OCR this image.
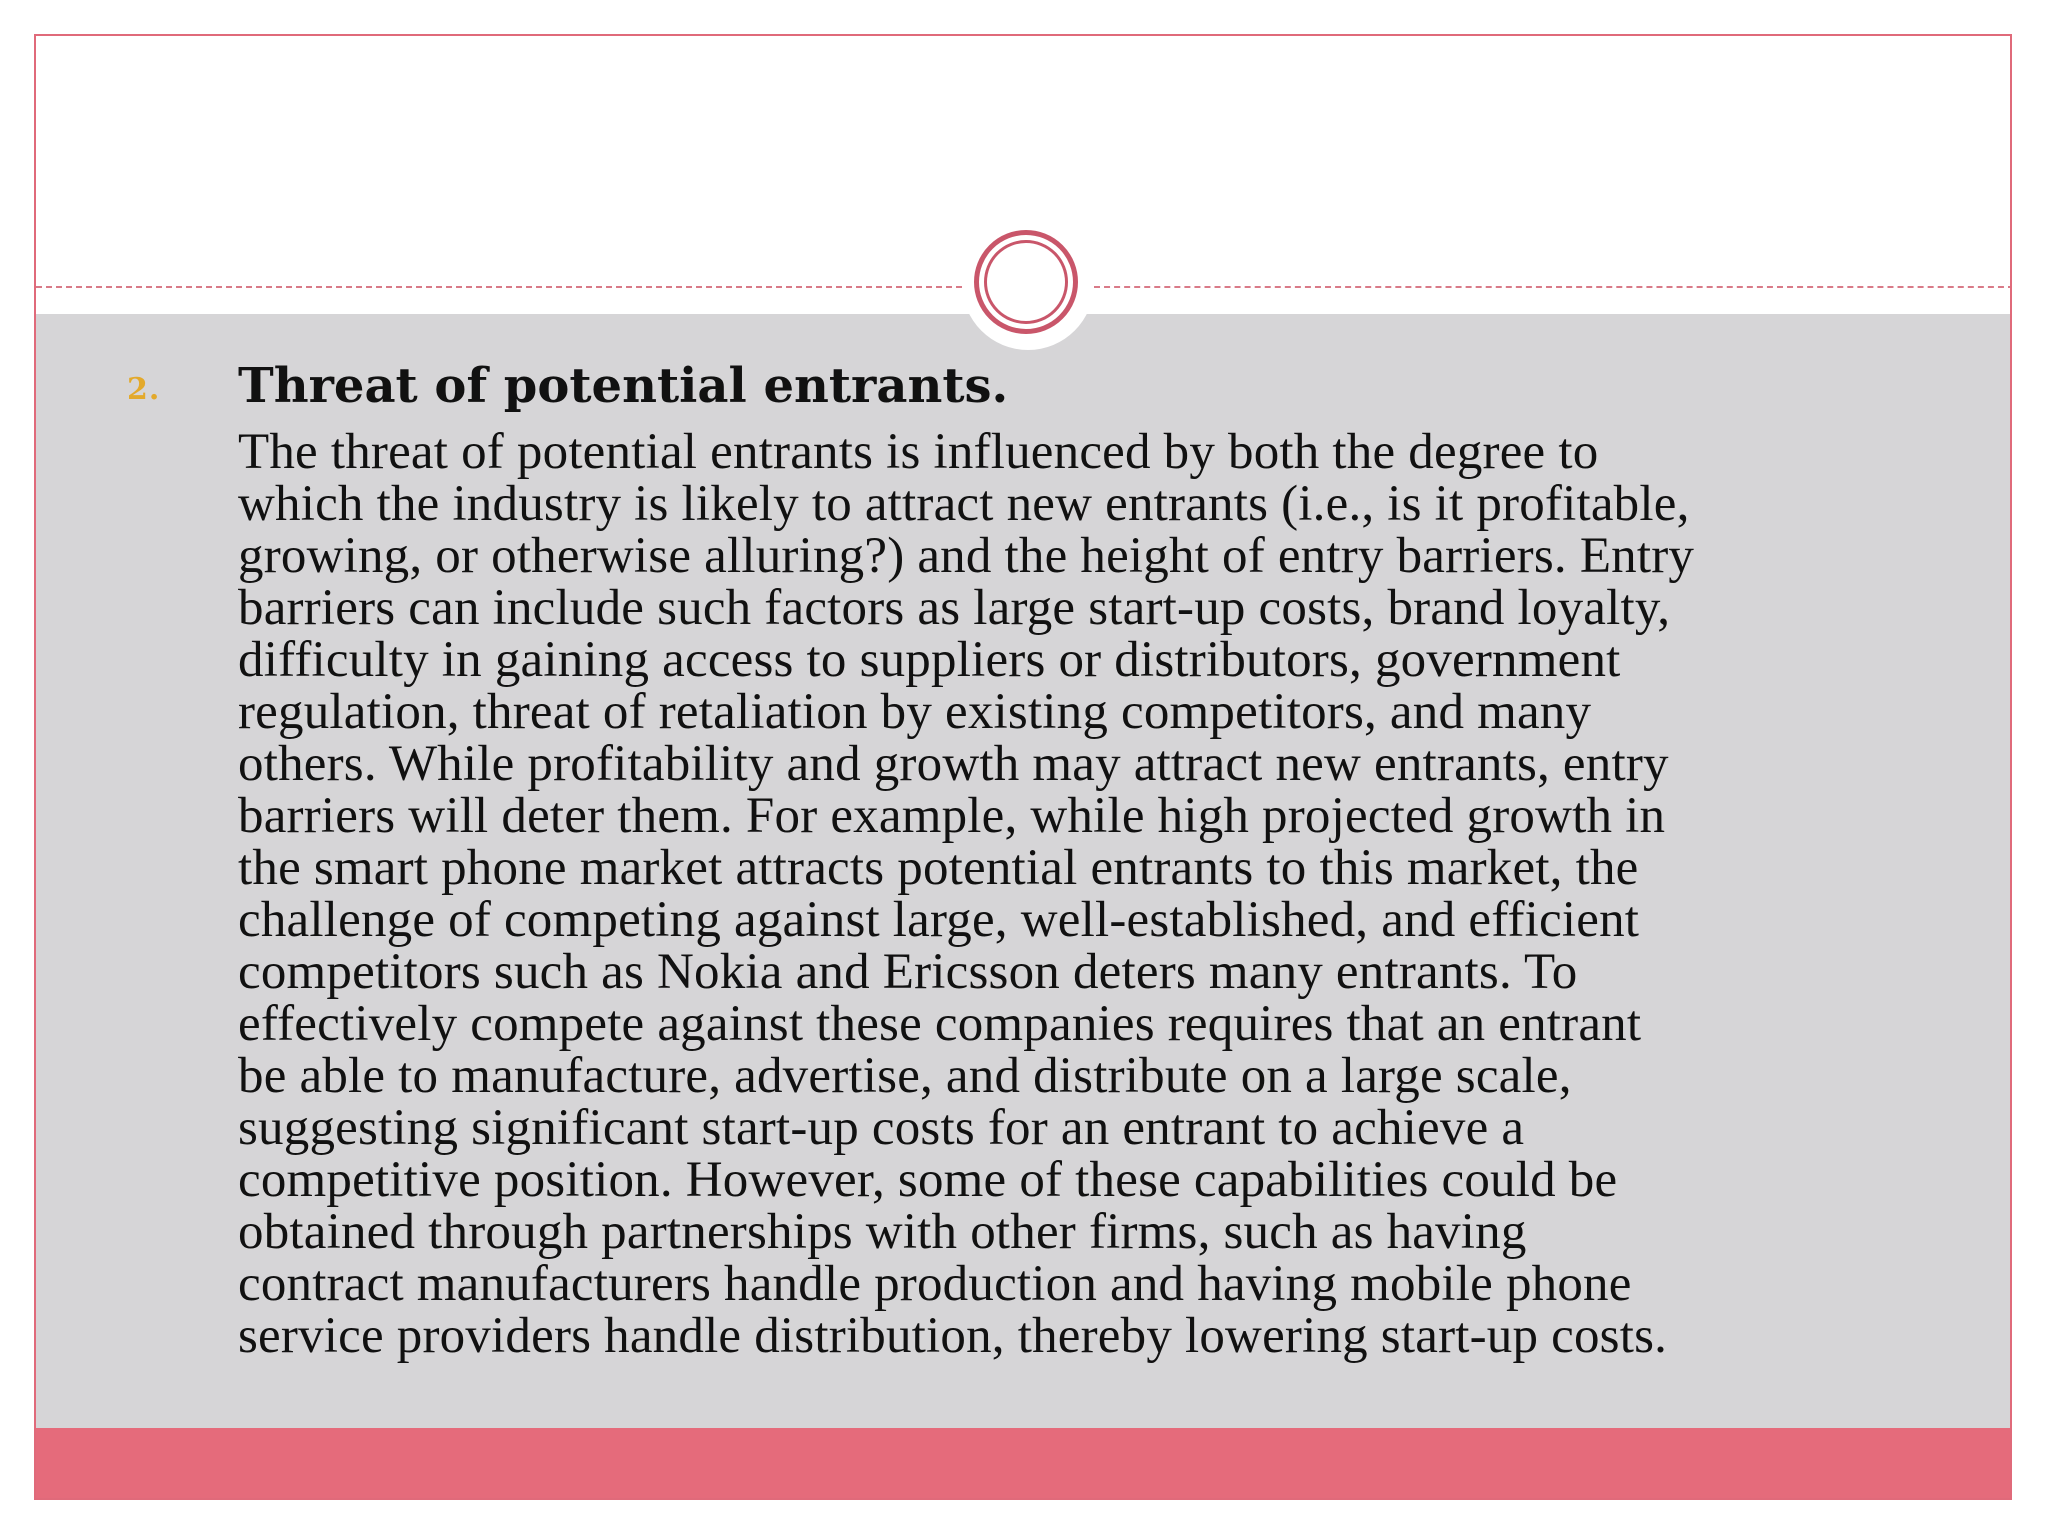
2. Threat of potential entrants.

The threat of potential entrants is influenced by both the degree to
which the industry is likely to attract new entrants (i.e., is it profitable,
growing, or otherwise alluring?) and the height of entry barriers. Entry
barriers can include such factors as large start-up costs, brand loyalty,
difficulty in gaining access to suppliers or distributors, government
regulation, threat of retaliation by existing competitors, and many
others. While profitability and growth may attract new entrants, entry
barriers will deter them. For example, while high projected growth in
the smart phone market attracts potential entrants to this market, the
challenge of competing against large, well-established, and efficient
competitors such as Nokia and Ericsson deters many entrants. To
effectively compete against these companies requires that an entrant
be able to manufacture, advertise, and distribute on a large scale,
suggesting significant start-up costs for an entrant to achieve a
competitive position. However, some of these capabilities could be
obtained through partnerships with other firms, such as having
contract manufacturers handle production and having mobile phone
service providers handle distribution, thereby lowering start-up costs.
